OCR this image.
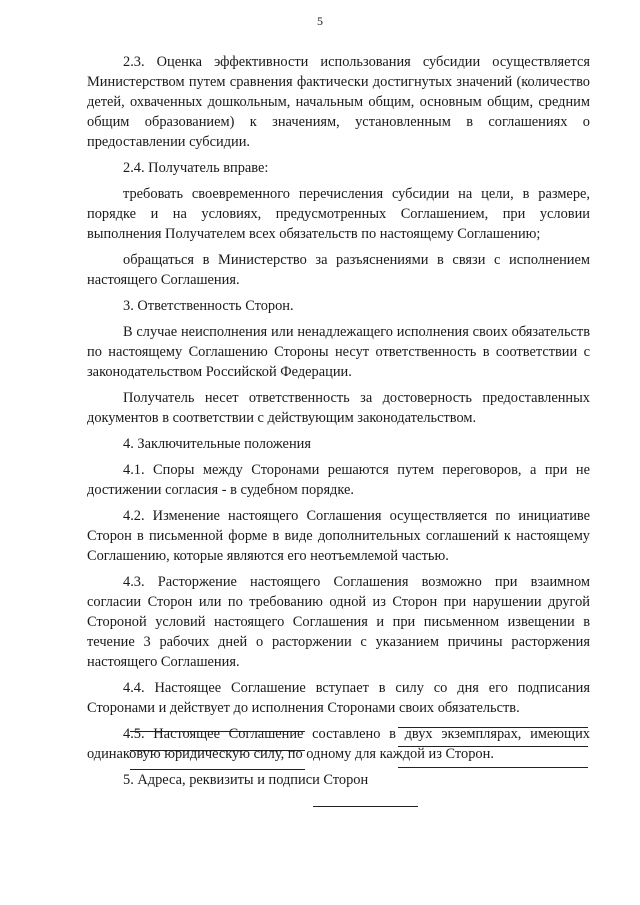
5

2.3. Оценка эффективности использования субсидии осуществляется Министерством путем сравнения фактически достигнутых значений (количество детей, охваченных дошкольным, начальным общим, основным общим, средним общим образованием) к значениям, установленным в соглашениях о предоставлении субсидии.

2.4. Получатель вправе:

требовать своевременного перечисления субсидии на цели, в размере, порядке и на условиях, предусмотренных Соглашением, при условии выполнения Получателем всех обязательств по настоящему Соглашению;

обращаться в Министерство за разъяснениями в связи с исполнением настоящего Соглашения.

3. Ответственность Сторон.

В случае неисполнения или ненадлежащего исполнения своих обязательств по настоящему Соглашению Стороны несут ответственность в соответствии с законодательством Российской Федерации.

Получатель несет ответственность за достоверность предоставленных документов в соответствии с действующим законодательством.

4. Заключительные положения

4.1. Споры между Сторонами решаются путем переговоров, а при не достижении согласия - в судебном порядке.

4.2. Изменение настоящего Соглашения осуществляется по инициативе Сторон в письменной форме в виде дополнительных соглашений к настоящему Соглашению, которые являются его неотъемлемой частью.

4.3. Расторжение настоящего Соглашения возможно при взаимном согласии Сторон или по требованию одной из Сторон при нарушении другой Стороной условий настоящего Соглашения и при письменном извещении в течение 3 рабочих дней о расторжении с указанием причины расторжения настоящего Соглашения.

4.4. Настоящее Соглашение вступает в силу со дня его подписания Сторонами и действует до исполнения Сторонами своих обязательств.

4.5. Настоящее Соглашение составлено в двух экземплярах, имеющих одинаковую юридическую силу, по одному для каждой из Сторон.

5. Адреса, реквизиты и подписи Сторон
